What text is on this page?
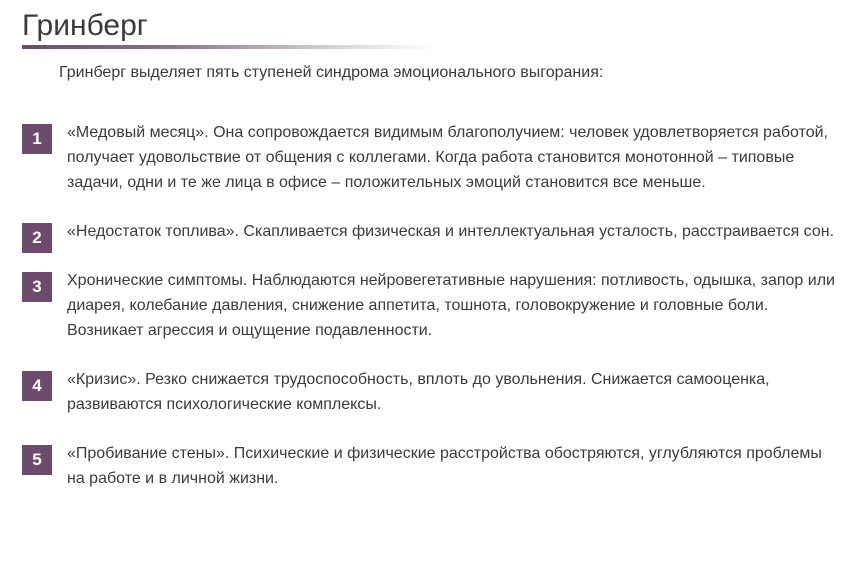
Гринберг

Гринберг выделяет пять ступеней синдрома эмоционального выгорания:

1	«Медовый месяц». Она сопровождается видимым благополучием: человек удовлетворяется работой, получает удовольствие от общения с коллегами. Когда работа становится монотонной – типовые задачи, одни и те же лица в офисе – положительных эмоций становится все меньше.
2	«Недостаток топлива». Скапливается физическая и интеллектуальная усталость, расстраивается сон.
3	Хронические симптомы. Наблюдаются нейровегетативные нарушения: потливость, одышка, запор или диарея, колебание давления, снижение аппетита, тошнота, головокружение и головные боли. Возникает агрессия и ощущение подавленности.
4	«Кризис». Резко снижается трудоспособность, вплоть до увольнения. Снижается самооценка, развиваются психологические комплексы.
5	«Пробивание стены». Психические и физические расстройства обостряются, углубляются проблемы на работе и в личной жизни.
